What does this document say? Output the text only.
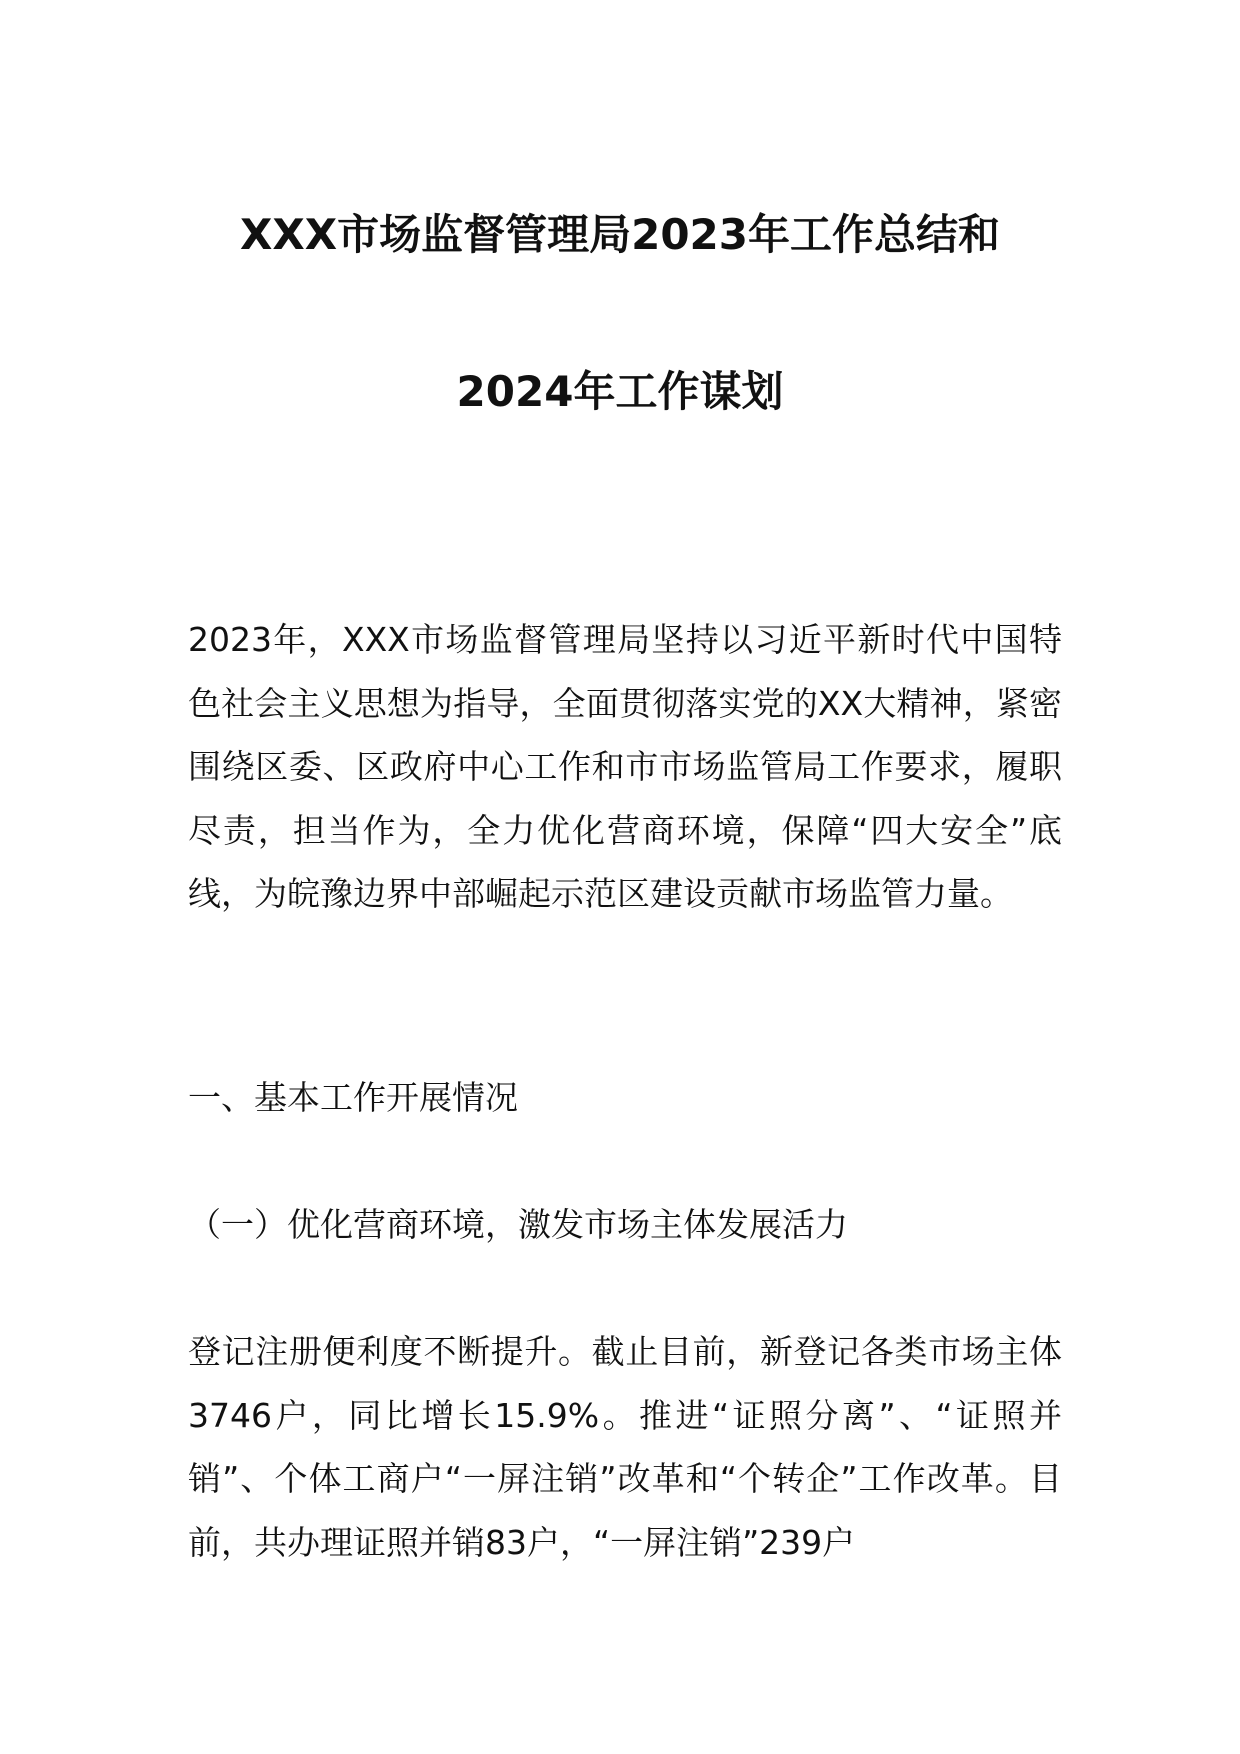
XXX市场监督管理局2023年工作总结和
2024年工作谋划

2023年，XXX市场监督管理局坚持以习近平新时代中国特色社会主义思想为指导，全面贯彻落实党的XX大精神，紧密围绕区委、区政府中心工作和市市场监管局工作要求，履职尽责，担当作为，全力优化营商环境，保障“四大安全”底线，为皖豫边界中部崛起示范区建设贡献市场监管力量。

一、基本工作开展情况

（一）优化营商环境，激发市场主体发展活力

登记注册便利度不断提升。截止目前，新登记各类市场主体3746户，同比增长15.9%。推进“证照分离”、“证照并销”、个体工商户“一屏注销”改革和“个转企”工作改革。目前，共办理证照并销83户，“一屏注销”239户
